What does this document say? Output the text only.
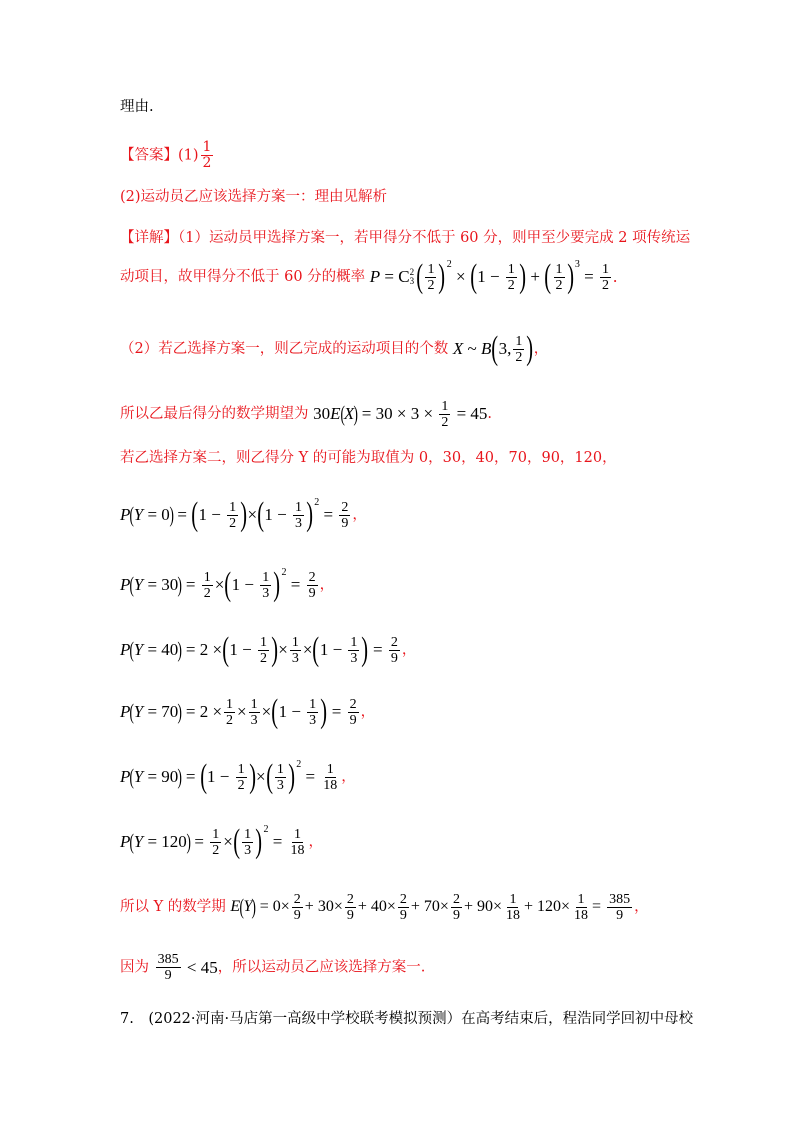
理由.
【答案】$(1) \frac{1}{2}$
(2)运动员乙应该选择方案一：理由见解析
【详解】（1）运动员甲选择方案一，若甲得分不低于 60 分，则甲至少要完成 2 项传统运
动项目，故甲得分不低于 60 分的概率 P = C 2
3 ( $\frac{1}{2}$ ) 2
× ( $1 - \frac{1}{2}$ ) + ( $\frac{1}{2}$ ) 3
= $\frac{1}{2}$ .
（2）若乙选择方案一，则乙完成的运动项目的个数 X ~ B ( 3, $\frac{1}{2}$ ) ，
所以乙最后得分的数学期望为 30 E ( X ) = $30 \times 3 \times \frac{1}{2} = 45$.
若乙选择方案二，则乙得分 Y 的可能为取值为 0，30，40，70，90，120，
P ( Y = 0 ) = ( $1 - \frac{1}{2}$ ) × ( $1 - \frac{1}{3}$ ) 2
= $\frac{2}{9}$ ，
P ( Y = 30 ) = $\frac{1}{2}$ × ( $1 - \frac{1}{3}$ ) 2
= $\frac{2}{9}$ ，
P ( Y = 40 ) = 2 × ( $1 - \frac{1}{2}$ ) × $\frac{1}{3}$ × ( $1 - \frac{1}{3}$ ) = $\frac{2}{9}$ ，
P ( Y = 70 ) = $2 \times \frac{1}{2} \times \frac{1}{3}$ × ( $1 - \frac{1}{3}$ ) = $\frac{2}{9}$ ，
P ( Y = 90 ) = ( $1 - \frac{1}{2}$ ) × ( $\frac{1}{3}$ ) 2
= $\frac{1}{18}$ ，
P ( Y = 120 ) = $\frac{1}{2}$ × ( $\frac{1}{3}$ ) 2
= $\frac{1}{18}$ ，
所以 Y 的数学期 E ( Y ) = $0\times \frac{2}{9} + 30\times \frac{2}{9} + 40\times \frac{2}{9} + 70\times \frac{2}{9} + 90\times \frac{1}{18} + 120\times \frac{1}{18} = \frac{385}{9}$ ，
因为 $\frac{385}{9} < 45$，所以运动员乙应该选择方案一.
7.　(2022·河南·马店第一高级中学校联考模拟预测）在高考结束后，程浩同学回初中母校
